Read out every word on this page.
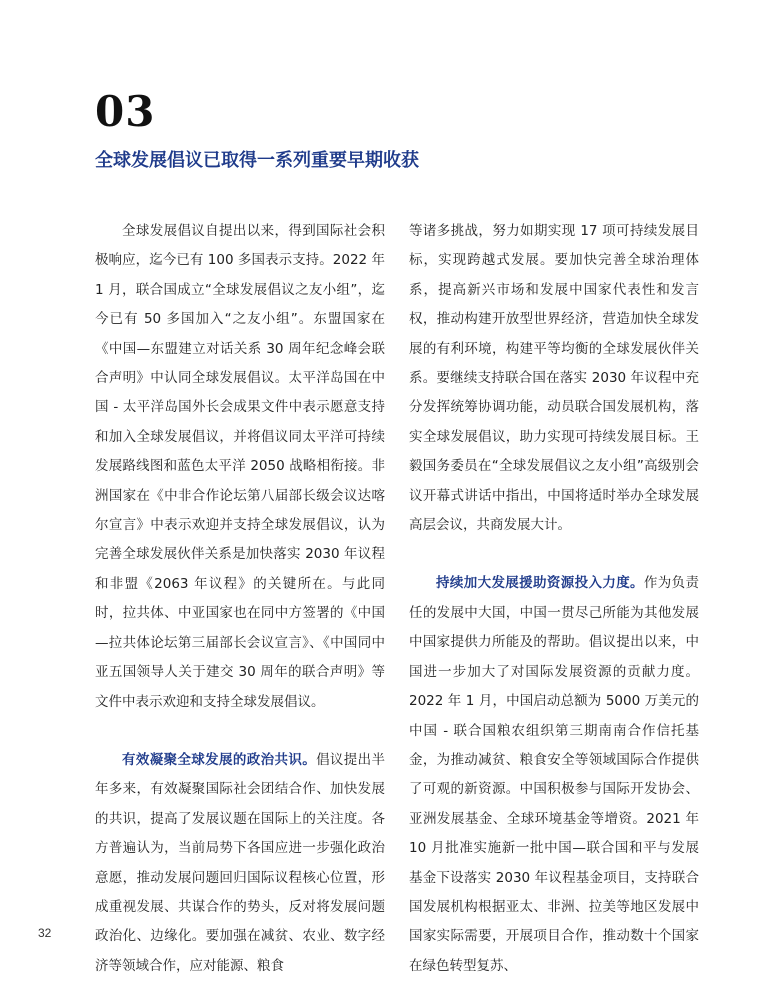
03
全球发展倡议已取得一系列重要早期收获

全球发展倡议自提出以来，得到国际社会积极响应，迄今已有 100 多国表示支持。2022 年 1 月，联合国成立“全球发展倡议之友小组”，迄今已有 50 多国加入“之友小组”。东盟国家在《中国—东盟建立对话关系 30 周年纪念峰会联合声明》中认同全球发展倡议。太平洋岛国在中国 - 太平洋岛国外长会成果文件中表示愿意支持和加入全球发展倡议，并将倡议同太平洋可持续发展路线图和蓝色太平洋 2050 战略相衔接。非洲国家在《中非合作论坛第八届部长级会议达喀尔宣言》中表示欢迎并支持全球发展倡议，认为完善全球发展伙伴关系是加快落实 2030 年议程和非盟《2063 年议程》的关键所在。与此同时，拉共体、中亚国家也在同中方签署的《中国—拉共体论坛第三届部长会议宣言》、《中国同中亚五国领导人关于建交 30 周年的联合声明》等文件中表示欢迎和支持全球发展倡议。

有效凝聚全球发展的政治共识。倡议提出半年多来，有效凝聚国际社会团结合作、加快发展的共识，提高了发展议题在国际上的关注度。各方普遍认为，当前局势下各国应进一步强化政治意愿，推动发展问题回归国际议程核心位置，形成重视发展、共谋合作的势头，反对将发展问题政治化、边缘化。要加强在减贫、农业、数字经济等领域合作，应对能源、粮食

等诸多挑战，努力如期实现 17 项可持续发展目标，实现跨越式发展。要加快完善全球治理体系，提高新兴市场和发展中国家代表性和发言权，推动构建开放型世界经济，营造加快全球发展的有利环境，构建平等均衡的全球发展伙伴关系。要继续支持联合国在落实 2030 年议程中充分发挥统筹协调功能，动员联合国发展机构，落实全球发展倡议，助力实现可持续发展目标。王毅国务委员在“全球发展倡议之友小组”高级别会议开幕式讲话中指出，中国将适时举办全球发展高层会议，共商发展大计。

持续加大发展援助资源投入力度。作为负责任的发展中大国，中国一贯尽己所能为其他发展中国家提供力所能及的帮助。倡议提出以来，中国进一步加大了对国际发展资源的贡献力度。2022 年 1 月，中国启动总额为 5000 万美元的中国 - 联合国粮农组织第三期南南合作信托基金，为推动减贫、粮食安全等领域国际合作提供了可观的新资源。中国积极参与国际开发协会、亚洲发展基金、全球环境基金等增资。2021 年 10 月批准实施新一批中国—联合国和平与发展基金下设落实 2030 年议程基金项目，支持联合国发展机构根据亚太、非洲、拉美等地区发展中国家实际需要，开展项目合作，推动数十个国家在绿色转型复苏、

32
